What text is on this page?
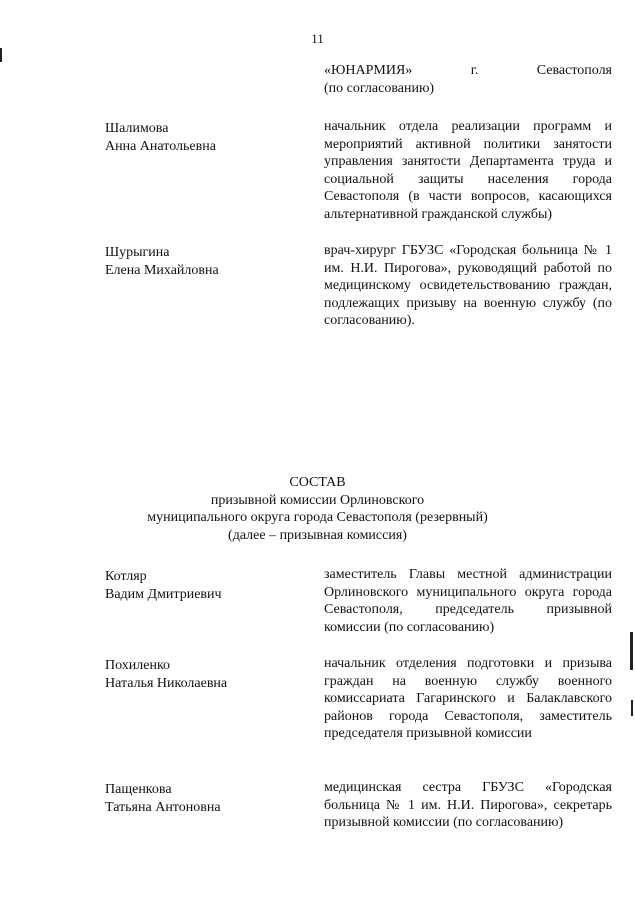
11
«ЮНАРМИЯ»	г.	Севастополя
(по согласованию)
Шалимова
Анна Анатольевна
начальник отдела реализации программ и мероприятий активной политики занятости управления занятости Департамента труда и социальной защиты населения города Севастополя (в части вопросов, касающихся альтернативной гражданской службы)
Шурыгина
Елена Михайловна
врач-хирург ГБУЗС «Городская больница № 1 им. Н.И. Пирогова», руководящий работой по медицинскому освидетельствованию граждан, подлежащих призыву на военную службу (по согласованию).
СОСТАВ
призывной комиссии Орлиновского
муниципального округа города Севастополя (резервный)
(далее – призывная комиссия)
Котляр
Вадим Дмитриевич
заместитель Главы местной администрации Орлиновского муниципального округа города Севастополя, председатель призывной комиссии (по согласованию)
Похиленко
Наталья Николаевна
начальник отделения подготовки и призыва граждан на военную службу военного комиссариата Гагаринского и Балаклавского районов города Севастополя, заместитель председателя призывной комиссии
Пащенкова
Татьяна Антоновна
медицинская сестра ГБУЗС «Городская больница № 1 им. Н.И. Пирогова», секретарь призывной комиссии (по согласованию)
